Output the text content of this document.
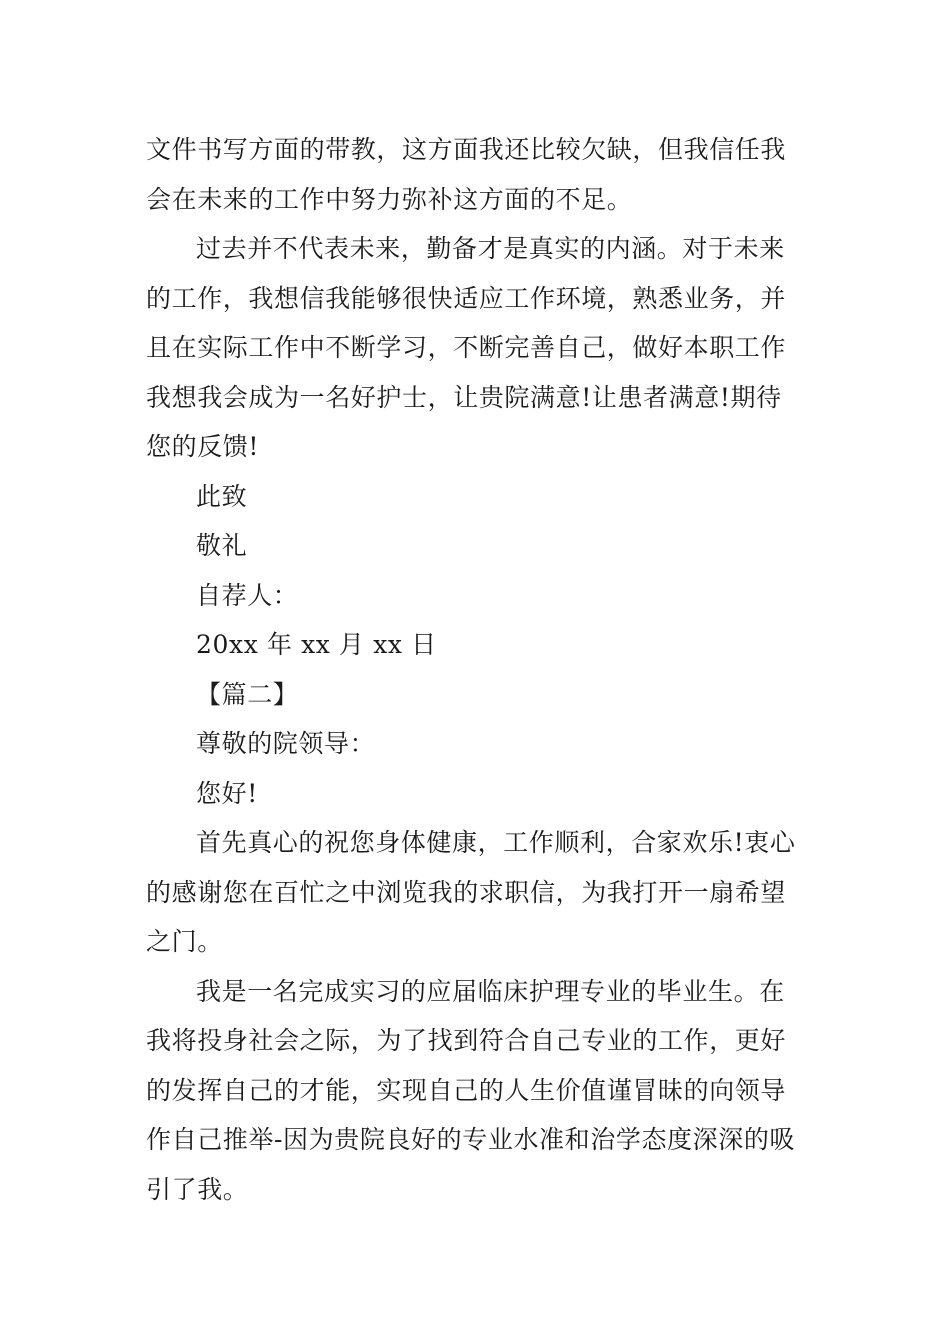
文件书写方面的带教，这方面我还比较欠缺，但我信任我
会在未来的工作中努力弥补这方面的不足。
过去并不代表未来，勤备才是真实的内涵。对于未来
的工作，我想信我能够很快适应工作环境，熟悉业务，并
且在实际工作中不断学习，不断完善自己，做好本职工作
我想我会成为一名好护士，让贵院满意!让患者满意!期待
您的反馈!
此致
敬礼
自荐人：
20xx 年 xx 月 xx 日
【篇二】
尊敬的院领导：
您好!
首先真心的祝您身体健康，工作顺利，合家欢乐!衷心
的感谢您在百忙之中浏览我的求职信，为我打开一扇希望
之门。
我是一名完成实习的应届临床护理专业的毕业生。在
我将投身社会之际，为了找到符合自己专业的工作，更好
的发挥自己的才能，实现自己的人生价值谨冒昧的向领导
作自己推举-因为贵院良好的专业水准和治学态度深深的吸
引了我。
